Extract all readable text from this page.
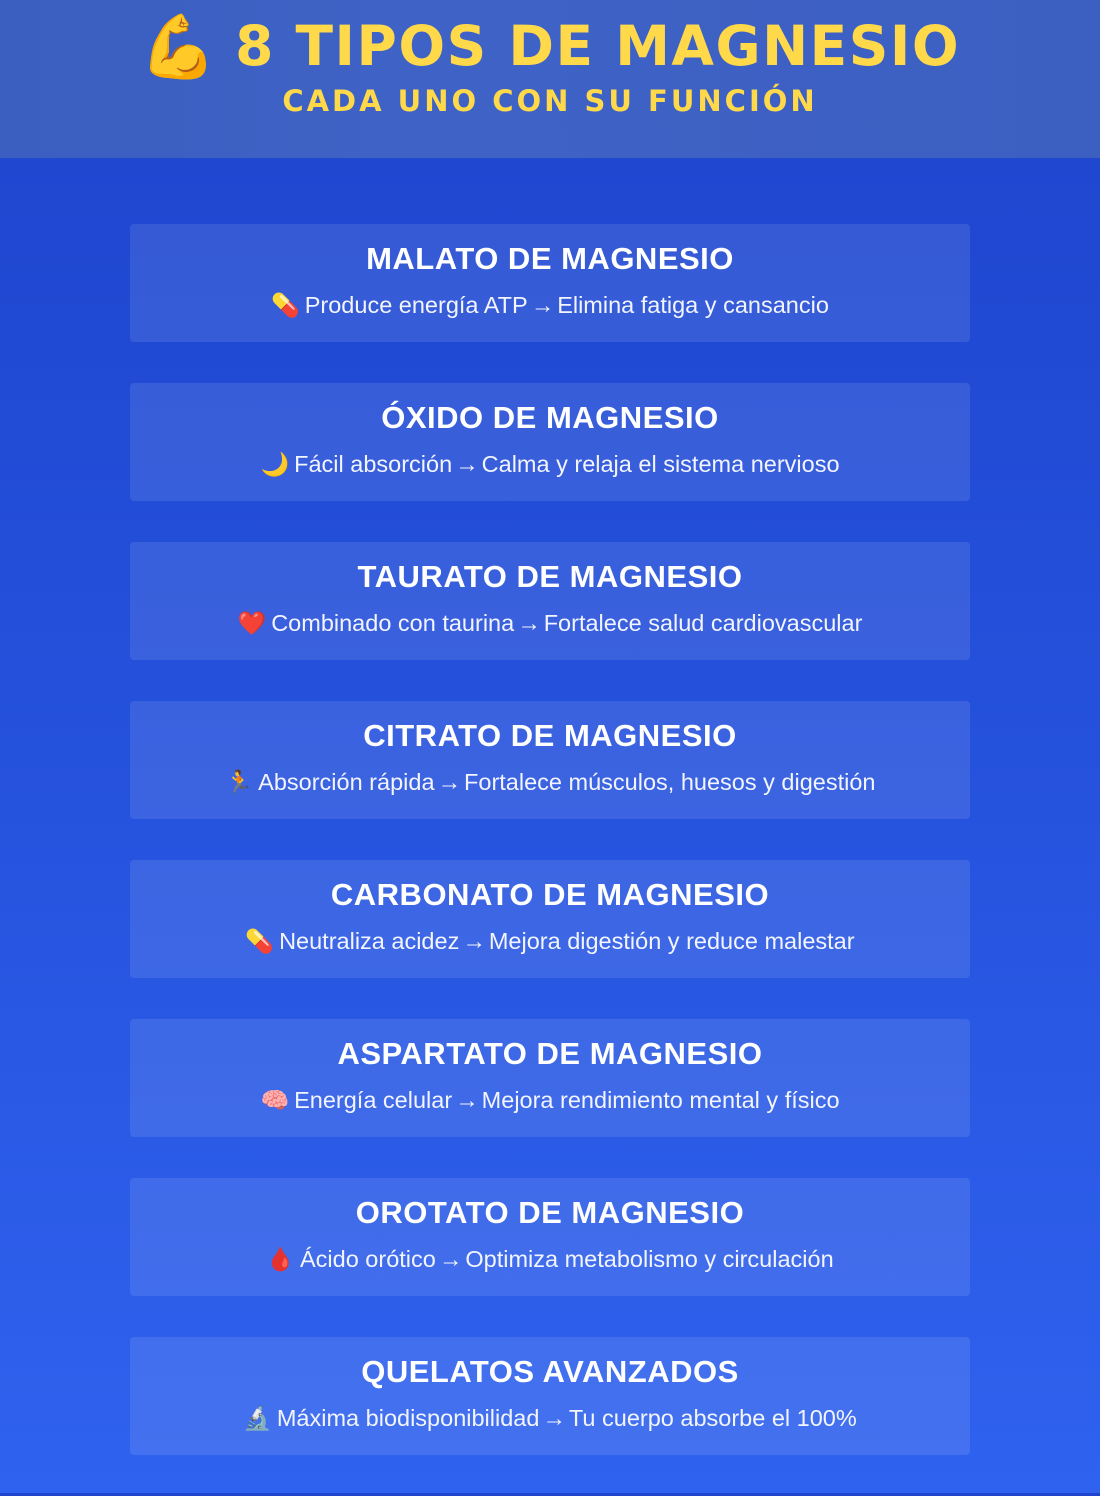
💪 8 TIPOS DE MAGNESIO
CADA UNO CON SU FUNCIÓN
MALATO DE MAGNESIO
💊 Produce energía ATP → Elimina fatiga y cansancio
ÓXIDO DE MAGNESIO
🌙 Fácil absorción → Calma y relaja el sistema nervioso
TAURATO DE MAGNESIO
❤️ Combinado con taurina → Fortalece salud cardiovascular
CITRATO DE MAGNESIO
🏃 Absorción rápida → Fortalece músculos, huesos y digestión
CARBONATO DE MAGNESIO
💊 Neutraliza acidez → Mejora digestión y reduce malestar
ASPARTATO DE MAGNESIO
🧠 Energía celular → Mejora rendimiento mental y físico
OROTATO DE MAGNESIO
🩸 Ácido orótico → Optimiza metabolismo y circulación
QUELATOS AVANZADOS
🔬 Máxima biodisponibilidad → Tu cuerpo absorbe el 100%
